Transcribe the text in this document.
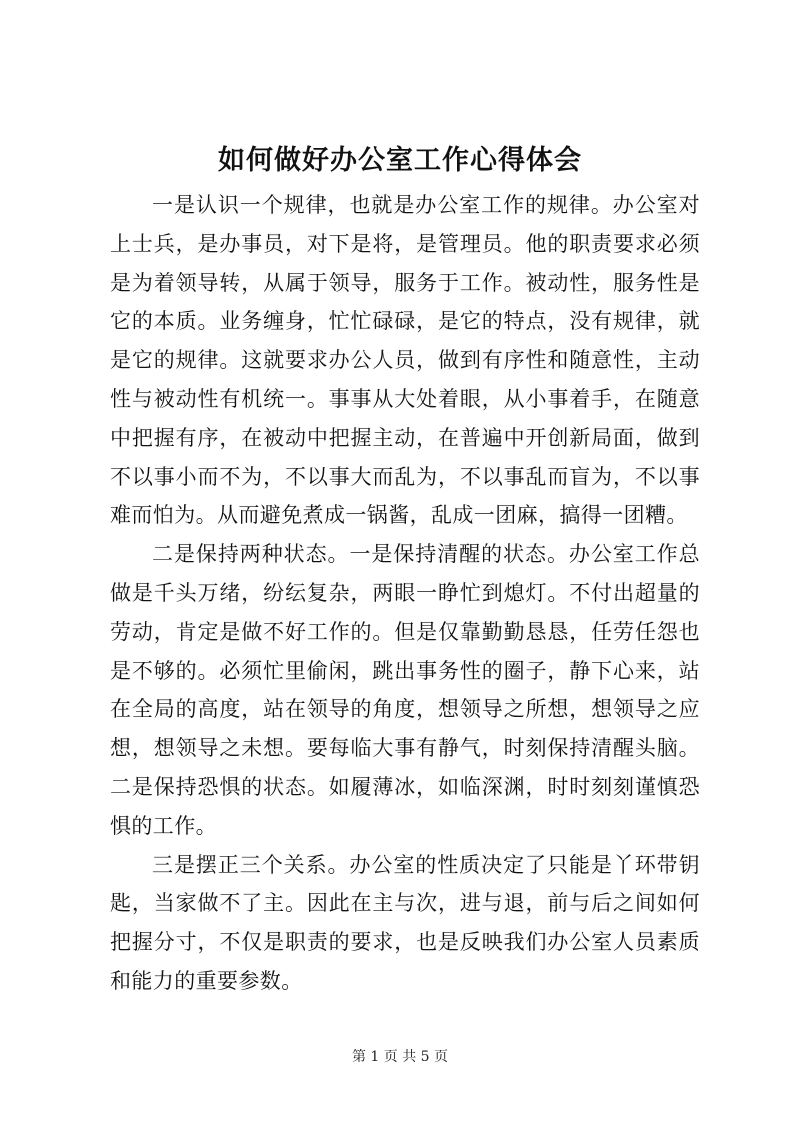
如何做好办公室工作心得体会

一是认识一个规律，也就是办公室工作的规律。办公室对上士兵，是办事员，对下是将，是管理员。他的职责要求必须是为着领导转，从属于领导，服务于工作。被动性，服务性是它的本质。业务缠身，忙忙碌碌，是它的特点，没有规律，就是它的规律。这就要求办公人员，做到有序性和随意性，主动性与被动性有机统一。事事从大处着眼，从小事着手，在随意中把握有序，在被动中把握主动，在普遍中开创新局面，做到不以事小而不为，不以事大而乱为，不以事乱而盲为，不以事难而怕为。从而避免煮成一锅酱，乱成一团麻，搞得一团糟。

二是保持两种状态。一是保持清醒的状态。办公室工作总做是千头万绪，纷纭复杂，两眼一睁忙到熄灯。不付出超量的劳动，肯定是做不好工作的。但是仅靠勤勤恳恳，任劳任怨也是不够的。必须忙里偷闲，跳出事务性的圈子，静下心来，站在全局的高度，站在领导的角度，想领导之所想，想领导之应想，想领导之未想。要每临大事有静气，时刻保持清醒头脑。二是保持恐惧的状态。如履薄冰，如临深渊，时时刻刻谨慎恐惧的工作。

三是摆正三个关系。办公室的性质决定了只能是丫环带钥匙，当家做不了主。因此在主与次，进与退，前与后之间如何把握分寸，不仅是职责的要求，也是反映我们办公室人员素质和能力的重要参数。

第 1 页 共 5 页
